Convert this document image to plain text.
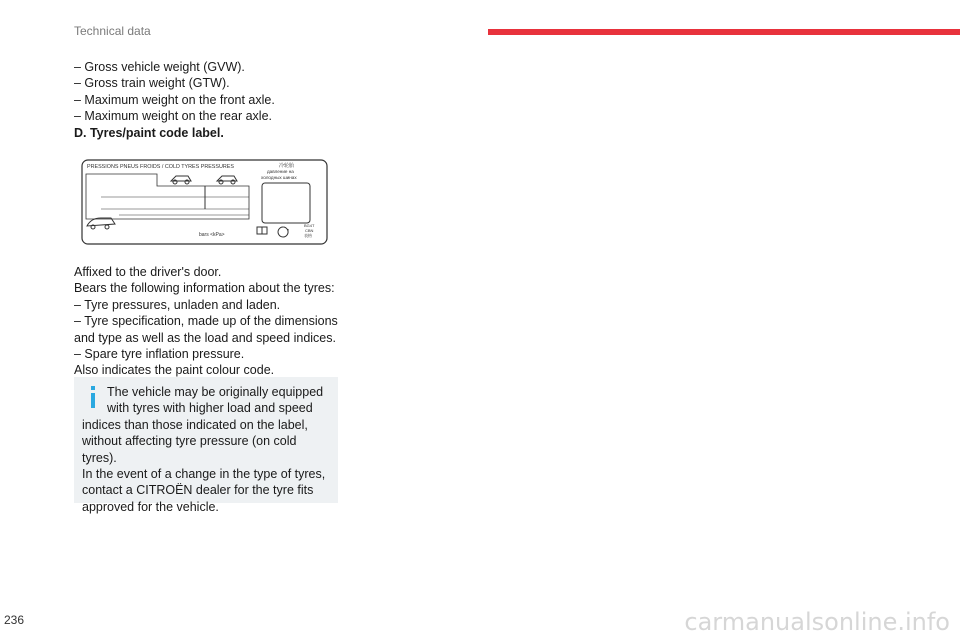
Technical data
– Gross vehicle weight (GVW).
– Gross train weight (GTW).
– Maximum weight on the front axle.
– Maximum weight on the rear axle.
D. Tyres/paint code label.
PRESSIONS PNEUS FROIDS / COLD TYRES PRESSURES	冷轮胎
давление на
холодных шинах
bars <kPa>
BG4T
CBN
表格
Affixed to the driver's door.
Bears the following information about the tyres:
– Tyre pressures, unladen and laden.
– Tyre specification, made up of the dimensions
and type as well as the load and speed indices.
– Spare tyre inflation pressure.
Also indicates the paint colour code.
The vehicle may be originally equipped
with tyres with higher load and speed
indices than those indicated on the label,
without affecting tyre pressure (on cold tyres).
In the event of a change in the type of tyres,
contact a CITROËN dealer for the tyre fits
approved for the vehicle.
236	carmanualsonline.info
